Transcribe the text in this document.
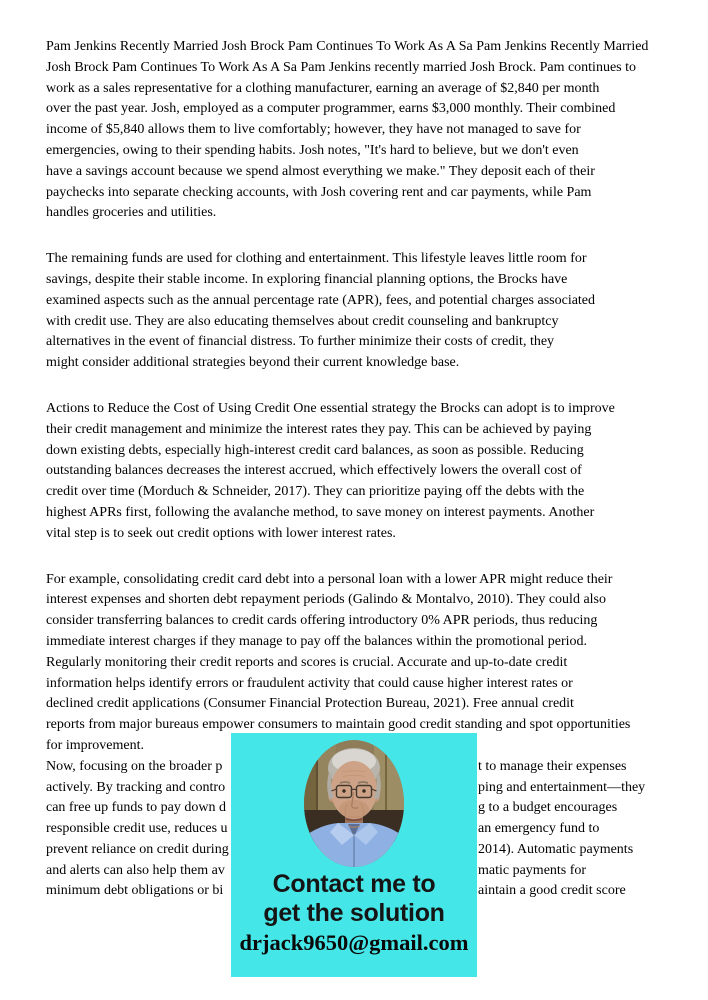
Pam Jenkins Recently Married Josh Brock Pam Continues To Work As A Sa Pam Jenkins Recently Married
Josh Brock Pam Continues To Work As A Sa Pam Jenkins recently married Josh Brock. Pam continues to
work as a sales representative for a clothing manufacturer, earning an average of $2,840 per month
over the past year. Josh, employed as a computer programmer, earns $3,000 monthly. Their combined
income of $5,840 allows them to live comfortably; however, they have not managed to save for
emergencies, owing to their spending habits. Josh notes, "It's hard to believe, but we don't even
have a savings account because we spend almost everything we make." They deposit each of their
paychecks into separate checking accounts, with Josh covering rent and car payments, while Pam
handles groceries and utilities.
The remaining funds are used for clothing and entertainment. This lifestyle leaves little room for
savings, despite their stable income. In exploring financial planning options, the Brocks have
examined aspects such as the annual percentage rate (APR), fees, and potential charges associated
with credit use. They are also educating themselves about credit counseling and bankruptcy
alternatives in the event of financial distress. To further minimize their costs of credit, they
might consider additional strategies beyond their current knowledge base.
Actions to Reduce the Cost of Using Credit One essential strategy the Brocks can adopt is to improve
their credit management and minimize the interest rates they pay. This can be achieved by paying
down existing debts, especially high-interest credit card balances, as soon as possible. Reducing
outstanding balances decreases the interest accrued, which effectively lowers the overall cost of
credit over time (Morduch & Schneider, 2017). They can prioritize paying off the debts with the
highest APRs first, following the avalanche method, to save money on interest payments. Another
vital step is to seek out credit options with lower interest rates.
For example, consolidating credit card debt into a personal loan with a lower APR might reduce their
interest expenses and shorten debt repayment periods (Galindo & Montalvo, 2010). They could also
consider transferring balances to credit cards offering introductory 0% APR periods, thus reducing
immediate interest charges if they manage to pay off the balances within the promotional period.
Regularly monitoring their credit reports and scores is crucial. Accurate and up-to-date credit
information helps identify errors or fraudulent activity that could cause higher interest rates or
declined credit applications (Consumer Financial Protection Bureau, 2021). Free annual credit
reports from major bureaus empower consumers to maintain good credit standing and spot opportunities
for improvement.
Now, focusing on the broader p	t to manage their expenses
actively. By tracking and contro	ping and entertainment—they
can free up funds to pay down d	g to a budget encourages
responsible credit use, reduces u	an emergency fund to
prevent reliance on credit during	2014). Automatic payments
and alerts can also help them av	matic payments for
minimum debt obligations or bi	aintain a good credit score
Contact me to
get the solution
drjack9650@gmail.com
